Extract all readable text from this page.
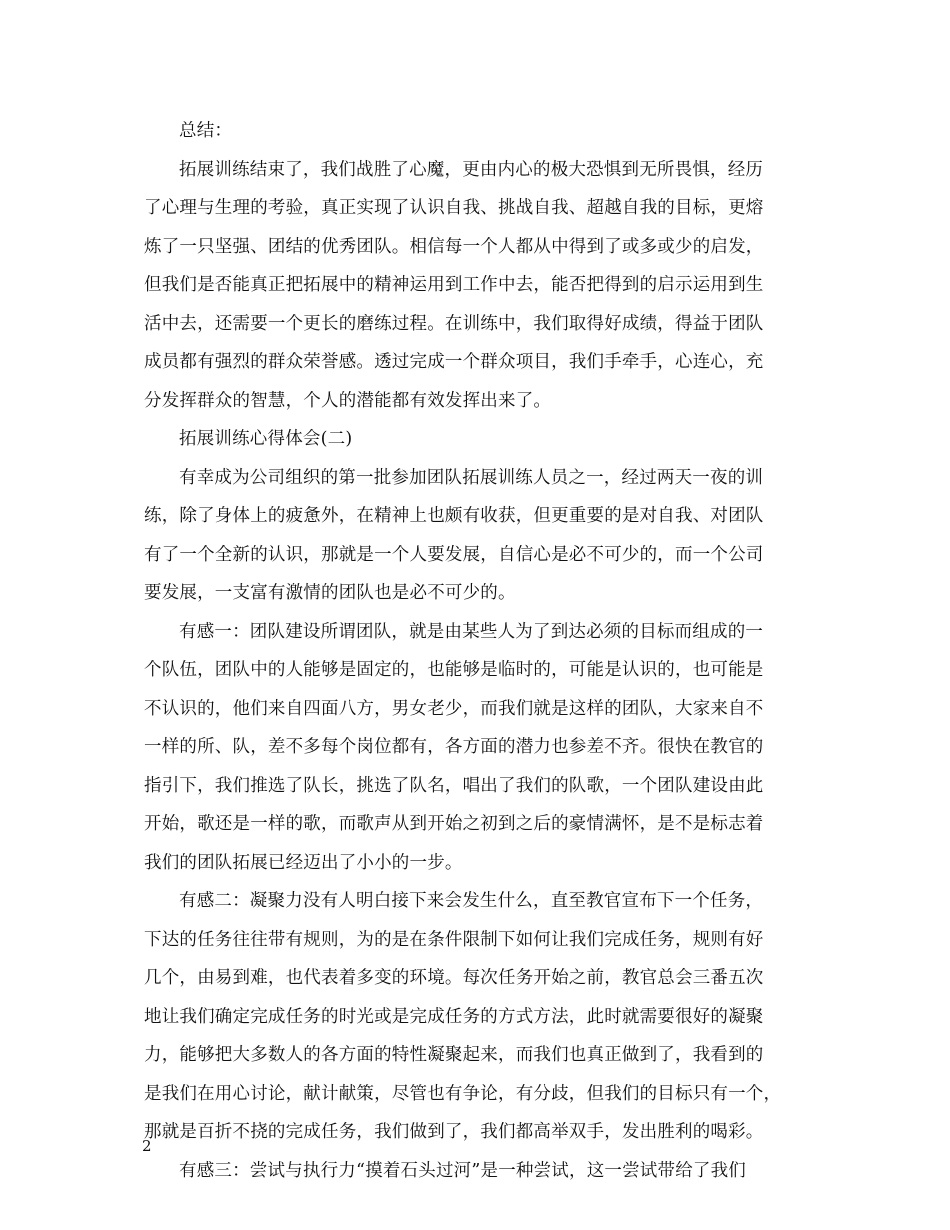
总结：
拓展训练结束了，我们战胜了心魔，更由内心的极大恐惧到无所畏惧，经历
了心理与生理的考验，真正实现了认识自我、挑战自我、超越自我的目标，更熔
炼了一只坚强、团结的优秀团队。相信每一个人都从中得到了或多或少的启发，
但我们是否能真正把拓展中的精神运用到工作中去，能否把得到的启示运用到生
活中去，还需要一个更长的磨练过程。在训练中，我们取得好成绩，得益于团队
成员都有强烈的群众荣誉感。透过完成一个群众项目，我们手牵手，心连心，充
分发挥群众的智慧，个人的潜能都有效发挥出来了。
拓展训练心得体会(二)
有幸成为公司组织的第一批参加团队拓展训练人员之一，经过两天一夜的训
练，除了身体上的疲惫外，在精神上也颇有收获，但更重要的是对自我、对团队
有了一个全新的认识，那就是一个人要发展，自信心是必不可少的，而一个公司
要发展，一支富有激情的团队也是必不可少的。
有感一：团队建设所谓团队，就是由某些人为了到达必须的目标而组成的一
个队伍，团队中的人能够是固定的，也能够是临时的，可能是认识的，也可能是
不认识的，他们来自四面八方，男女老少，而我们就是这样的团队，大家来自不
一样的所、队，差不多每个岗位都有，各方面的潜力也参差不齐。很快在教官的
指引下，我们推选了队长，挑选了队名，唱出了我们的队歌，一个团队建设由此
开始，歌还是一样的歌，而歌声从到开始之初到之后的豪情满怀，是不是标志着
我们的团队拓展已经迈出了小小的一步。
有感二：凝聚力没有人明白接下来会发生什么，直至教官宣布下一个任务，
下达的任务往往带有规则，为的是在条件限制下如何让我们完成任务，规则有好
几个，由易到难，也代表着多变的环境。每次任务开始之前，教官总会三番五次
地让我们确定完成任务的时光或是完成任务的方式方法，此时就需要很好的凝聚
力，能够把大多数人的各方面的特性凝聚起来，而我们也真正做到了，我看到的
是我们在用心讨论，献计献策，尽管也有争论，有分歧，但我们的目标只有一个，
那就是百折不挠的完成任务，我们做到了，我们都高举双手，发出胜利的喝彩。
有感三：尝试与执行力“摸着石头过河”是一种尝试，这一尝试带给了我们
2
